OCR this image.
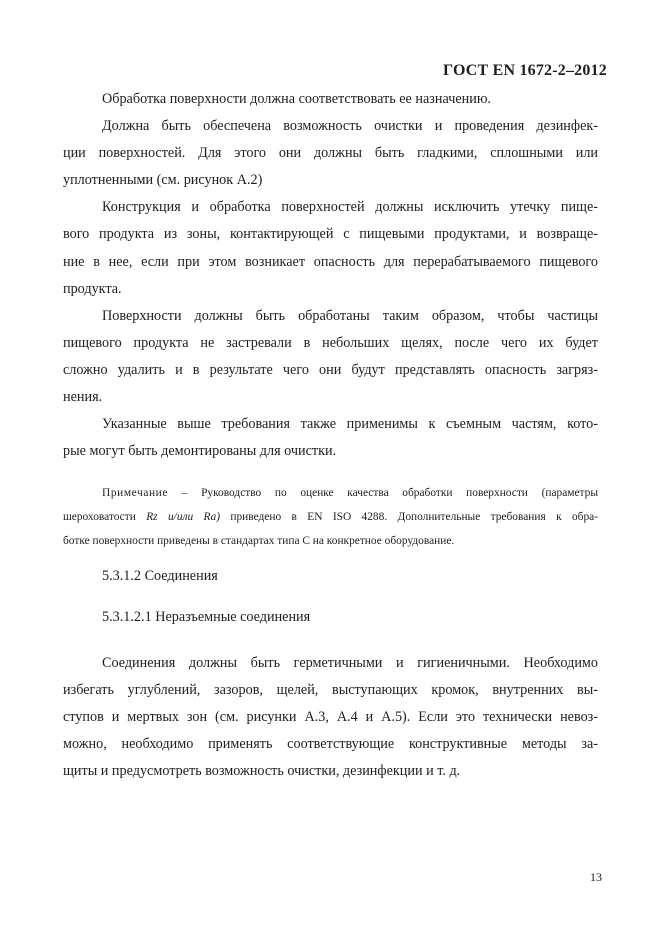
ГОСТ EN 1672-2–2012
Обработка поверхности должна соответствовать ее назначению.
Должна быть обеспечена возможность очистки и проведения дезинфек-
ции поверхностей. Для этого они должны быть гладкими, сплошными или
уплотненными (см. рисунок А.2)
Конструкция и обработка поверхностей должны исключить утечку пище-
вого продукта из зоны, контактирующей с пищевыми продуктами, и возвраще-
ние в нее, если при этом возникает опасность для перерабатываемого пищевого
продукта.
Поверхности должны быть обработаны таким образом, чтобы частицы
пищевого продукта не застревали в небольших щелях, после чего их будет
сложно удалить и в результате чего они будут представлять опасность загряз-
нения.
Указанные выше требования также применимы к съемным частям, кото-
рые могут быть демонтированы для очистки.
Примечание – Руководство по оценке качества обработки поверхности (параметры
шероховатости Rz и/или Ra) приведено в EN ISO 4288. Дополнительные требования к обра-
ботке поверхности приведены в стандартах типа С на конкретное оборудование.
5.3.1.2 Соединения
5.3.1.2.1 Неразъемные соединения
Соединения должны быть герметичными и гигиеничными. Необходимо
избегать углублений, зазоров, щелей, выступающих кромок, внутренних вы-
ступов и мертвых зон (см. рисунки А.3, А.4 и А.5). Если это технически невоз-
можно, необходимо применять соответствующие конструктивные методы за-
щиты и предусмотреть возможность очистки, дезинфекции и т. д.
13
